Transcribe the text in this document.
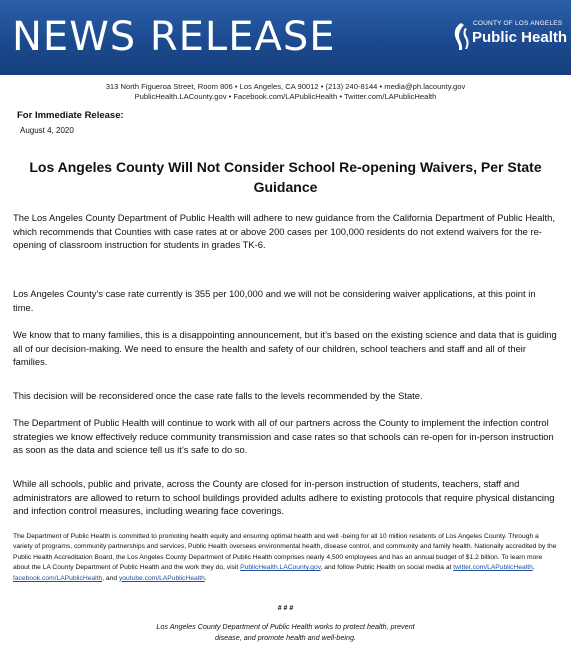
NEWS RELEASE	COUNTY OF LOS ANGELES
Public Health
313 North Figueroa Street, Room 806 • Los Angeles, CA 90012 • (213) 240-8144 • media@ph.lacounty.gov
PublicHealth.LACounty.gov • Facebook.com/LAPublicHealth • Twitter.com/LAPublicHealth
For Immediate Release:
August 4, 2020
Los Angeles County Will Not Consider School Re-opening Waivers, Per State Guidance
The Los Angeles County Department of Public Health will adhere to new guidance from the California Department of Public Health, which recommends that Counties with case rates at or above 200 cases per 100,000 residents do not extend waivers for the re-opening of classroom instruction for students in grades TK-6.
Los Angeles County’s case rate currently is 355 per 100,000 and we will not be considering waiver applications, at this point in time.
We know that to many families, this is a disappointing announcement, but it’s based on the existing science and data that is guiding all of our decision-making. We need to ensure the health and safety of our children, school teachers and staff and all of their families.
This decision will be reconsidered once the case rate falls to the levels recommended by the State.
The Department of Public Health will continue to work with all of our partners across the County to implement the infection control strategies we know effectively reduce community transmission and case rates so that schools can re-open for in-person instruction as soon as the data and science tell us it’s safe to do so.
While all schools, public and private, across the County are closed for in-person instruction of students, teachers, staff and administrators are allowed to return to school buildings provided adults adhere to existing protocols that require physical distancing and infection control measures, including wearing face coverings.
The Department of Public Health is committed to promoting health equity and ensuring optimal health and well -being for all 10 million residents of Los Angeles County. Through a variety of programs, community partnerships and services, Public Health oversees environmental health, disease control, and community and family health. Nationally accredited by the Public Health Accreditation Board, the Los Angeles County Department of Public Health comprises nearly 4,500 employees and has an annual budget of $1.2 billion. To learn more about the LA County Department of Public Health and the work they do, visit PublicHealth.LACounty.gov, and follow Public Health on social media at twitter.com/LAPublicHealth, facebook.com/LAPublicHealth, and youtube.com/LAPublicHealth.
# # #
Los Angeles County Department of Public Health works to protect health, prevent
disease, and promote health and well-being.
